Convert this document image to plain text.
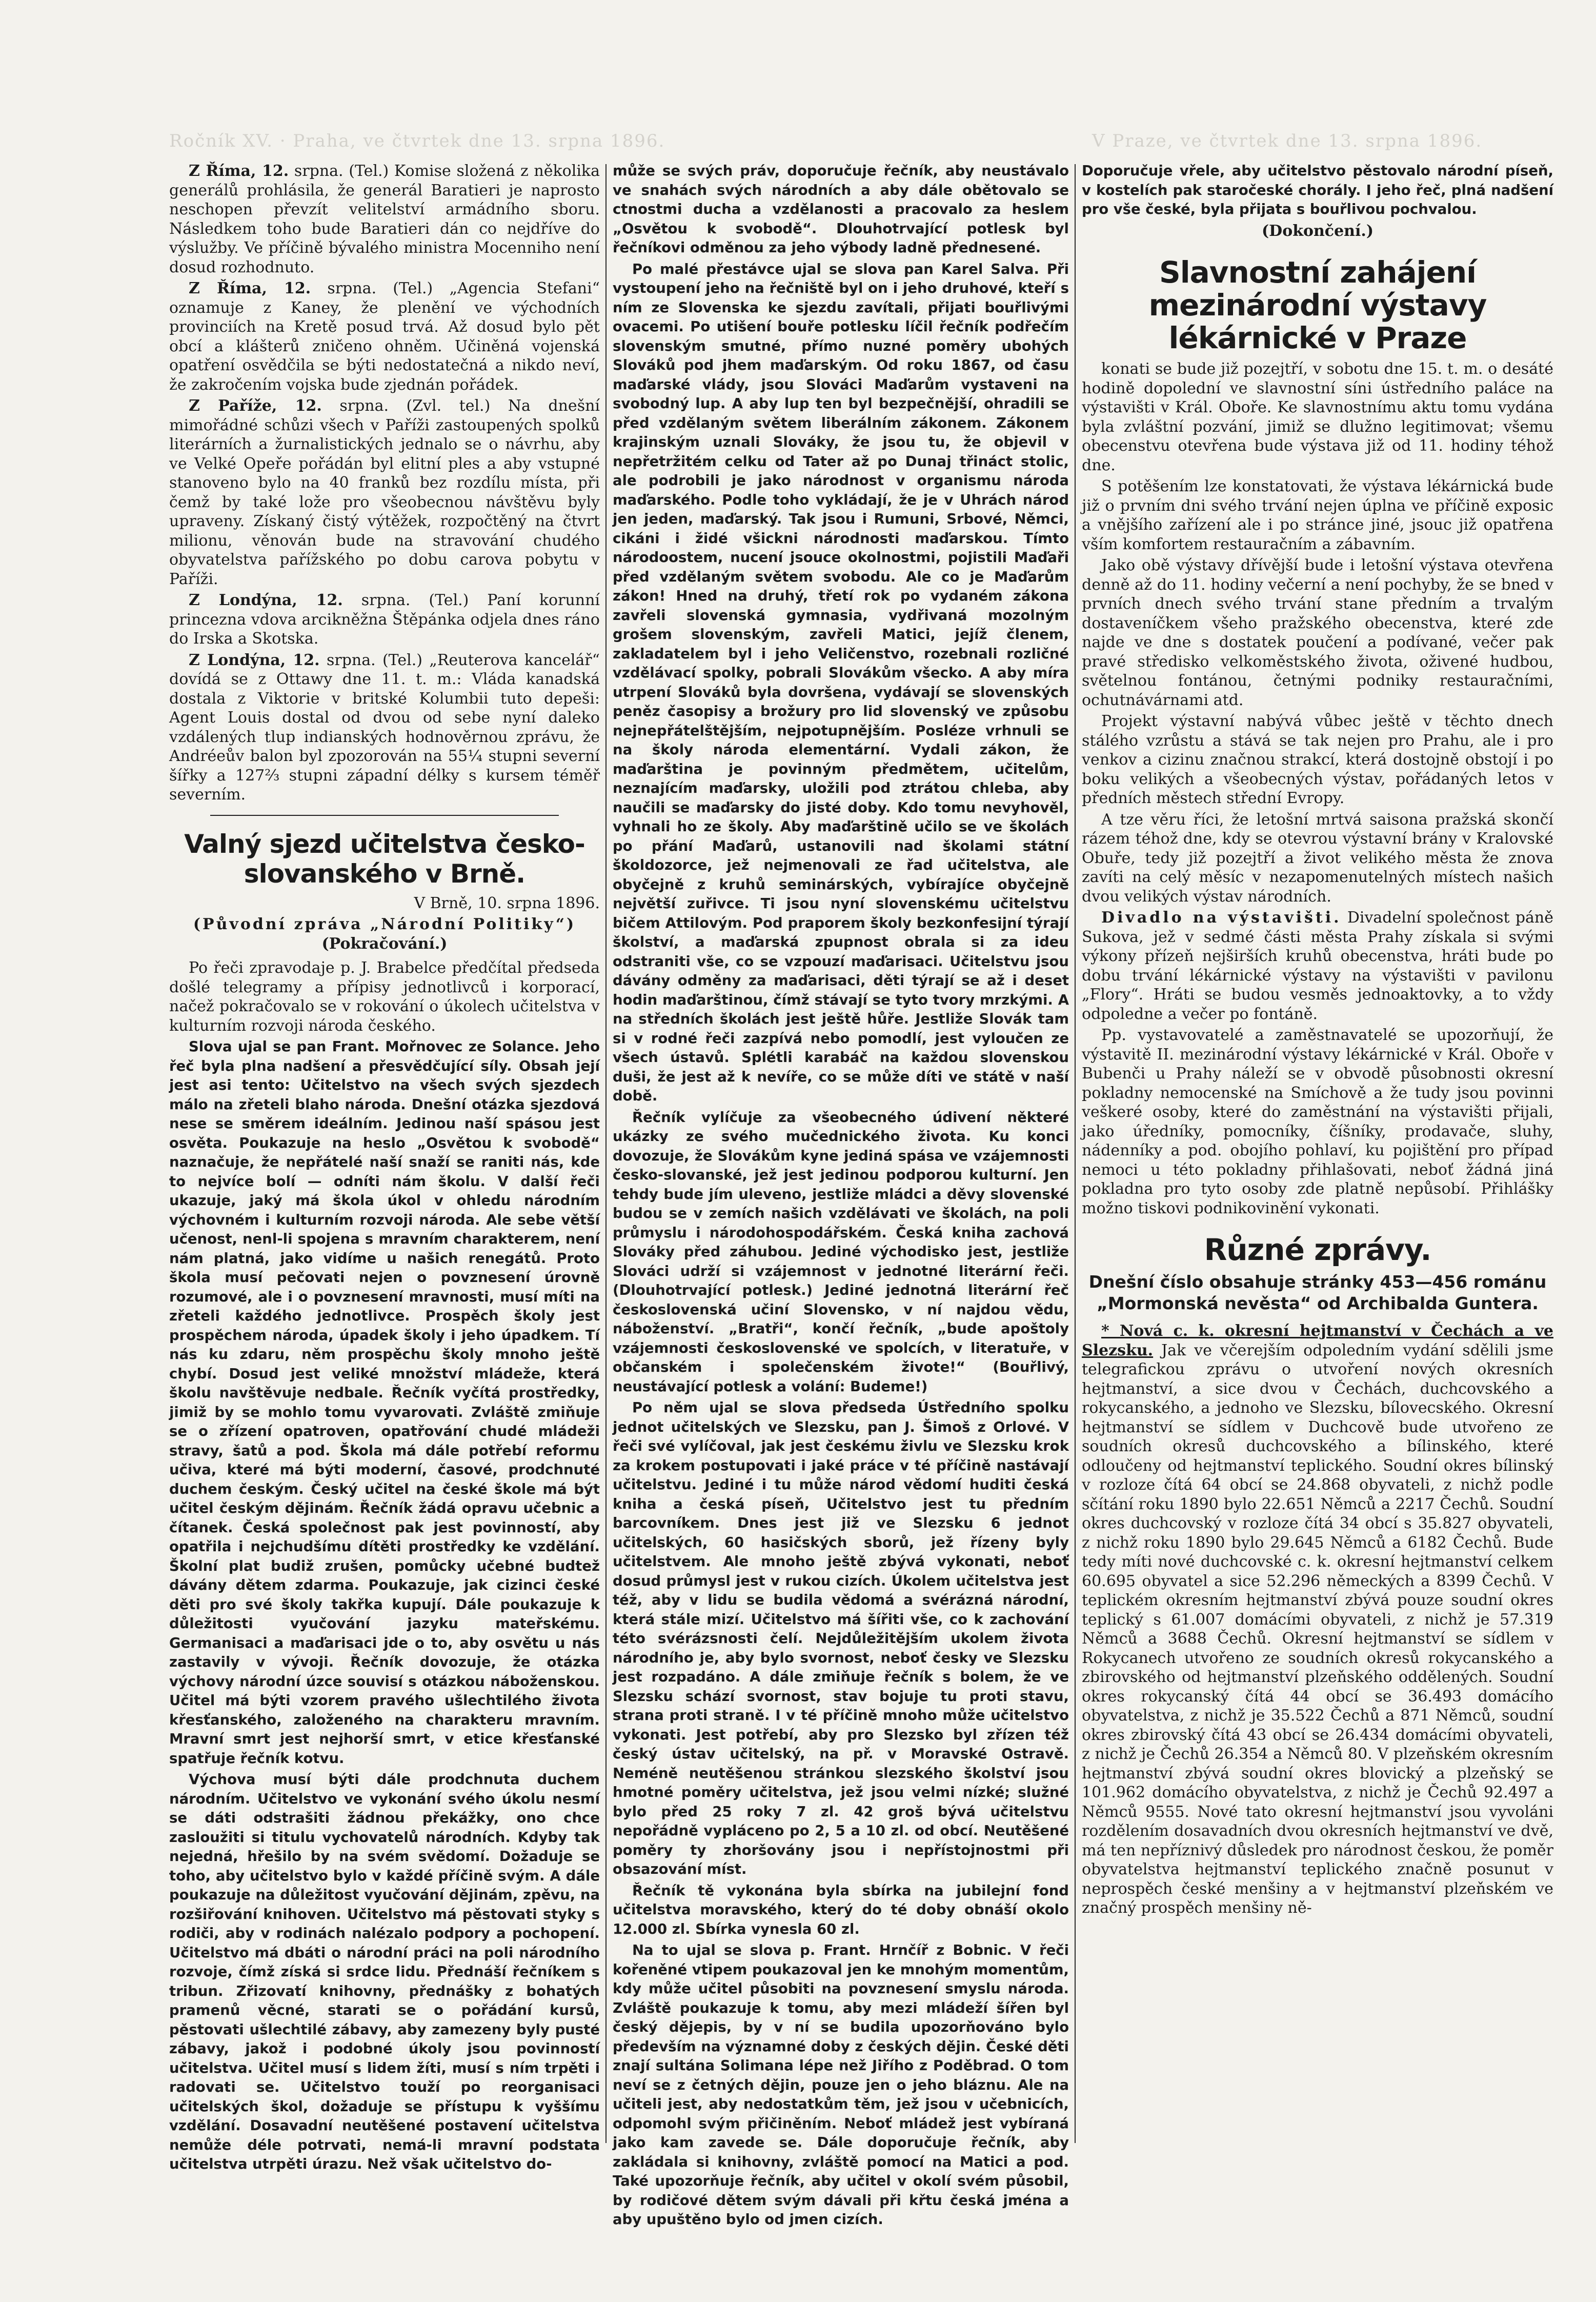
Ročník XV. · Praha, ve čtvrtek dne 13. srpna 1896.	V Praze, ve čtvrtek dne 13. srpna 1896.

Z Říma, 12. srpna. (Tel.) Komise složená z několika generálů prohlásila, že generál Baratieri je naprosto neschopen převzít velitelství armádního sboru. Následkem toho bude Baratieri dán co nejdříve do výslužby. Ve příčině bývalého ministra Mocenniho není dosud rozhodnuto.

Z Říma, 12. srpna. (Tel.) „Agencia Stefani“ oznamuje z Kaney, že plenění ve východních provinciích na Kretě posud trvá. Až dosud bylo pět obcí a klášterů zničeno ohněm. Učiněná vojenská opatření osvědčila se býti nedostatečná a nikdo neví, že zakročením vojska bude zjednán pořádek.

Z Paříže, 12. srpna. (Zvl. tel.) Na dnešní mimořádné schůzi všech v Paříži zastoupených spolků literárních a žurnalistických jednalo se o návrhu, aby ve Velké Opeře pořádán byl elitní ples a aby vstupné stanoveno bylo na 40 franků bez rozdílu místa, při čemž by také lože pro všeobecnou návštěvu byly upraveny. Získaný čistý výtěžek, rozpočtěný na čtvrt milionu, věnován bude na stravování chudého obyvatelstva pařížského po dobu carova pobytu v Paříži.

Z Londýna, 12. srpna. (Tel.) Paní korunní princezna vdova arcikněžna Štěpánka odjela dnes ráno do Irska a Skotska.

Z Londýna, 12. srpna. (Tel.) „Reuterova kancelář“ dovídá se z Ottawy dne 11. t. m.: Vláda kanadská dostala z Viktorie v britské Kolumbii tuto depeši: Agent Louis dostal od dvou od sebe nyní daleko vzdálených tlup indianských hodnověrnou zprávu, že Andréeův balon byl zpozorován na 55¼ stupni severní šířky a 127⅔ stupni západní délky s kursem téměř severním.

Valný sjezd učitelstva česko-slovanského v Brně.
V Brně, 10. srpna 1896.
(Původní zpráva „Národní Politiky“)
(Pokračování.)

Po řeči zpravodaje p. J. Brabelce předčítal předseda došlé telegramy a přípisy jednotlivců i korporací, načež pokračovalo se v rokování o úkolech učitelstva v kulturním rozvoji národa českého.

Slova ujal se pan Frant. Mořnovec ze Solance. Jeho řeč byla plna nadšení a přesvědčující síly. Obsah její jest asi tento: Učitelstvo na všech svých sjezdech málo na zřeteli blaho národa. Dnešní otázka sjezdová nese se směrem ideálním. Jedinou naší spásou jest osvěta. Poukazuje na heslo „Osvětou k svobodě“ naznačuje, že nepřátelé naší snaží se raniti nás, kde to nejvíce bolí — odníti nám školu. V další řeči ukazuje, jaký má škola úkol v ohledu národním výchovném i kulturním rozvoji národa. Ale sebe větší učenost, nenl-li spojena s mravním charakterem, není nám platná, jako vidíme u našich renegátů. Proto škola musí pečovati nejen o povznesení úrovně rozumové, ale i o povznesení mravnosti, musí míti na zřeteli každého jednotlivce. Prospěch školy jest prospěchem národa, úpadek školy i jeho úpadkem. Tí nás ku zdaru, něm prospěchu školy mnoho ještě chybí. Dosud jest veliké množství mládeže, která školu navštěvuje nedbale. Řečník vyčítá prostředky, jimiž by se mohlo tomu vyvarovati. Zvláště zmiňuje se o zřízení opatroven, opatřování chudé mládeži stravy, šatů a pod. Škola má dále potřebí reformu učiva, které má býti moderní, časové, prodchnuté duchem českým. Český učitel na české škole má být učitel českým dějinám. Řečník žádá opravu učebnic a čítanek. Česká společnost pak jest povinností, aby opatřila i nejchudšímu dítěti prostředky ke vzdělání. Školní plat budiž zrušen, pomůcky učebné budtež dávány dětem zdarma. Poukazuje, jak cizinci české děti pro své školy takřka kupují. Dále poukazuje k důležitosti vyučování jazyku mateřskému. Germanisaci a maďarisaci jde o to, aby osvětu u nás zastavily v vývoji. Řečník dovozuje, že otázka výchovy národní úzce souvisí s otázkou náboženskou. Učitel má býti vzorem pravého ušlechtilého života křesťanského, založeného na charakteru mravním. Mravní smrt jest nejhorší smrt, v etice křesťanské spatřuje řečník kotvu.

Výchova musí býti dále prodchnuta duchem národním. Učitelstvo ve vykonání svého úkolu nesmí se dáti odstrašiti žádnou překážky, ono chce zasloužiti si titulu vychovatelů národních. Kdyby tak nejedná, hřešilo by na svém svědomí. Dožaduje se toho, aby učitelstvo bylo v každé příčině svým. A dále poukazuje na důležitost vyučování dějinám, zpěvu, na rozšiřování knihoven. Učitelstvo má pěstovati styky s rodiči, aby v rodinách nalézalo podpory a pochopení. Učitelstvo má dbáti o národní práci na poli národního rozvoje, čímž získá si srdce lidu. Přednáší řečníkem s tribun. Zřizovatí knihovny, přednášky z bohatých pramenů věcné, starati se o pořádání kursů, pěstovati ušlechtilé zábavy, aby zamezeny byly pusté zábavy, jakož i podobné úkoly jsou povinností učitelstva. Učitel musí s lidem žíti, musí s ním trpěti i radovati se. Učitelstvo touží po reorganisaci učitelských škol, dožaduje se přístupu k vyššímu vzdělání. Dosavadní neutěšené postavení učitelstva nemůže déle potrvati, nemá-li mravní podstata učitelstva utrpěti úrazu. Než však učitelstvo do-

může se svých práv, doporučuje řečník, aby neustávalo ve snahách svých národních a aby dále obětovalo se ctnostmi ducha a vzdělanosti a pracovalo za heslem „Osvětou k svobodě“. Dlouhotrvající potlesk byl řečníkovi odměnou za jeho výbody ladně přednesené.

Po malé přestávce ujal se slova pan Karel Salva. Při vystoupení jeho na řečniště byl on i jeho druhové, kteří s ním ze Slovenska ke sjezdu zavítali, přijati bouřlivými ovacemi. Po utišení bouře potlesku líčil řečník podřečím slovenským smutné, přímo nuzné poměry ubohých Slováků pod jhem maďarským. Od roku 1867, od času maďarské vlády, jsou Slováci Maďarům vystaveni na svobodný lup. A aby lup ten byl bezpečnější, ohradili se před vzdělaným světem liberálním zákonem. Zákonem krajinským uznali Slováky, že jsou tu, že objevil v nepřetržitém celku od Tater až po Dunaj třináct stolic, ale podrobili je jako národnost v organismu národa maďarského. Podle toho vykládají, že je v Uhrách národ jen jeden, maďarský. Tak jsou i Rumuni, Srbové, Němci, cikáni i židé všickni národnosti maďarskou. Tímto národoostem, nucení jsouce okolnostmi, pojistili Maďaři před vzdělaným světem svobodu. Ale co je Maďarům zákon! Hned na druhý, třetí rok po vydaném zákona zavřeli slovenská gymnasia, vydřivaná mozolným grošem slovenským, zavřeli Matici, jejíž členem, zakladatelem byl i jeho Veličenstvo, rozebnali rozličné vzdělávací spolky, pobrali Slovákům všecko. A aby míra utrpení Slováků byla dovršena, vydávají se slovenských peněz časopisy a brožury pro lid slovenský ve způsobu nejnepřátelštějším, nejpotupnějším. Posléze vrhnuli se na školy národa elementární. Vydali zákon, že maďarština je povinným předmětem, učitelům, neznajícím maďarsky, uložili pod ztrátou chleba, aby naučili se maďarsky do jisté doby. Kdo tomu nevyhověl, vyhnali ho ze školy. Aby maďarštině učilo se ve školách po přání Maďarů, ustanovili nad školami státní školdozorce, jež nejmenovali ze řad učitelstva, ale obyčejně z kruhů seminárských, vybírajíce obyčejně největší zuřivce. Ti jsou nyní slovenskému učitelstvu bičem Attilovým. Pod praporem školy bezkonfesijní týrají školství, a maďarská zpupnost obrala si za ideu odstraniti vše, co se vzpouzí maďarisaci. Učitelstvu jsou dávány odměny za maďarisaci, děti týrají se až i deset hodin maďarštinou, čímž stávají se tyto tvory mrzkými. A na středních školách jest ještě hůře. Jestliže Slovák tam si v rodné řeči zazpívá nebo pomodlí, jest vyloučen ze všech ústavů. Splétli karabáč na každou slovenskou duši, že jest až k nevíře, co se může díti ve státě v naší době.

Řečník vylíčuje za všeobecného údivení některé ukázky ze svého mučednického života. Ku konci dovozuje, že Slovákům kyne jediná spása ve vzájemnosti česko-slovanské, jež jest jedinou podporou kulturní. Jen tehdy bude jím ulevenο, jestliže mládci a děvy slovenské budou se v zemích našich vzdělávati ve školách, na poli průmyslu i národohospodářském. Česká kniha zachová Slováky před záhubou. Jediné východisko jest, jestliže Slováci udrží si vzájemnost v jednotné literární řeči. (Dlouhotrvající potlesk.) Jediné jednotná literární řeč československá učiní Slovensko, v ní najdou vědu, náboženství. „Bratři“, končí řečník, „bude apoštoly vzájemnosti československé ve spolcích, v literatuře, v občanském i společenském živote!“ (Bouřlivý, neustávající potlesk a volání: Budeme!)

Po něm ujal se slova předseda Ústředního spolku jednot učitelských ve Slezsku, pan J. Šimoš z Orlové. V řeči své vylíčoval, jak jest českému živlu ve Slezsku krok za krokem postupovati i jaké práce v té příčině nastávají učitelstvu. Jediné i tu může národ vědomí huditi česká kniha a česká píseň, Učitelstvo jest tu předním barcovníkem. Dnes jest již ve Slezsku 6 jednot učitelských, 60 hasičských sborů, jež řízeny byly učitelstvem. Ale mnoho ještě zbývá vykonati, neboť dosud průmysl jest v rukou cizích. Úkolem učitelstva jest též, aby v lidu se budila vědomá a svérázná národní, která stále mizí. Učitelstvo má šířiti vše, co k zachování této svérázsnosti čelí. Nejdůležitějším ukolem života národního je, aby bylo svornost, neboť česky ve Slezsku jest rozpadáno. A dále zmiňuje řečník s bolem, že ve Slezsku schází svornost, stav bojuje tu proti stavu, strana proti straně. I v té příčině mnoho může učitelstvo vykonati. Jest potřebí, aby pro Slezsko byl zřízen též český ústav učitelský, na př. v Moravské Ostravě. Neméně neutěšenou stránkou slezského školství jsou hmotné poměry učitelstva, jež jsou velmi nízké; služné bylo před 25 roky 7 zl. 42 groš bývá učitelstvu nepořádně vypláceno po 2, 5 a 10 zl. od obcí. Neutěšené poměry ty zhoršovány jsou i nepřístojnostmi při obsazování míst.

Řečník tě vykonána byla sbírka na jubilejní fond učitelstva moravského, který do té doby obnáší okolo 12.000 zl. Sbírka vynesla 60 zl.

Na to ujal se slova p. Frant. Hrnčíř z Bobnic. V řeči kořeněné vtipem poukazoval jen ke mnohým momentům, kdy může učitel působiti na povznesení smyslu národa. Zvláště poukazuje k tomu, aby mezi mládeží šířen byl český dějepis, by v ní se budila upozorňováno bylo především na významné doby z českých dějin. České děti znají sultána Solimana lépe než Jiřího z Poděbrad. O tom neví se z četných dějin, pouze jen o jeho bláznu. Ale na učiteli jest, aby nedostatkům těm, jež jsou v učebnicích, odpomohl svým přičiněním. Neboť mládež jest vybíraná jako kam zavede se. Dále doporučuje řečník, aby zakládala si knihovny, zvláště pomocí na Matici a pod. Také upozorňuje řečník, aby učitel v okolí svém působil, by rodičové dětem svým dávali při křtu česká jména a aby upuštěno bylo od jmen cizích.

Doporučuje vřele, aby učitelstvo pěstovalo národní píseň, v kostelích pak staročeské chorály. I jeho řeč, plná nadšení pro vše české, byla přijata s bouřlivou pochvalou.

(Dokončení.)

Slavnostní zahájení mezinárodní výstavy lékárnické v Praze

konati se bude již pozejtří, v sobotu dne 15. t. m. o desáté hodině dopolední ve slavnostní síni ústředního paláce na výstavišti v Král. Oboře. Ke slavnostnímu aktu tomu vydána byla zvláštní pozvání, jimiž se dlužno legitimovat; všemu obecenstvu otevřena bude výstava již od 11. hodiny téhož dne.

S potěšením lze konstatovati, že výstava lékárnická bude již o prvním dni svého trvání nejen úplna ve příčině exposic a vnějšího zařízení ale i po stránce jiné, jsouc již opatřena vším komfortem restauračním a zábavním.

Jako obě výstavy dřívější bude i letošní výstava otevřena denně až do 11. hodiny večerní a není pochyby, že se bned v prvních dnech svého trvání stane předním a trvalým dostaveníčkem všeho pražského obecenstva, které zde najde ve dne s dostatek poučení a podívané, večer pak pravé středisko velkoměstského života, oživené hudbou, světelnou fontánou, četnými podniky restauračními, ochutnávárnami atd.

Projekt výstavní nabývá vůbec ještě v těchto dnech stálého vzrůstu a stává se tak nejen pro Prahu, ale i pro venkov a cizinu značnou strakcí, která dostojně obstojí i po boku velikých a všeobecných výstav, pořádaných letos v předních městech střední Evropy.

A tze věru říci, že letošní mrtvá saisona pražská skončí rázem téhož dne, kdy se otevrou výstavní brány v Kralovské Obuře, tedy již pozejtří a život velikého města že znova zavíti na celý měsíc v nezapomenutelných místech našich dvou velikých výstav národních.

Divadlo na výstavišti. Divadelní společnost páně Sukova, jež v sedmé části města Prahy získala si svými výkony přízeň nejširších kruhů obecenstva, hráti bude po dobu trvání lékárnické výstavy na výstavišti v pavilonu „Flory“. Hráti se budou vesměs jednoaktovky, a to vždy odpoledne a večer po fontáně.

Pp. vystavovatelé a zaměstnavatelé se upozorňují, že výstavitě II. mezinárodní výstavy lékárnické v Král. Oboře v Bubenči u Prahy náleží se v obvodě působnosti okresní pokladny nemocenské na Smíchově a že tudy jsou povinni veškeré osoby, které do zaměstnání na výstavišti přijali, jako úředníky, pomocníky, číšníky, prodavače, sluhy, nádenníky a pod. obojího pohlaví, ku pojištění pro případ nemoci u této pokladny přihlašovati, neboť žádná jiná pokladna pro tyto osoby zde platně nepůsobí. Přihlášky možno tiskovi podnikovinění vykonati.

Různé zprávy.

Dnešní číslo obsahuje stránky 453—456 románu „Mormonská nevěsta“ od Archibalda Guntera.

* Nová c. k. okresní hejtmanství v Čechách a ve Slezsku. Jak ve včerejším odpoledním vydání sdělili jsme telegrafickou zprávu o utvoření nových okresních hejtmanství, a sice dvou v Čechách, duchcovského a rokycanského, a jednoho ve Slezsku, bílovecského. Okresní hejtmanství se sídlem v Duchcově bude utvořeno ze soudních okresů duchcovského a bílinského, které odloučeny od hejtmanství teplického. Soudní okres bílinský v rozloze čítá 64 obcí se 24.868 obyvateli, z nichž podle sčítání roku 1890 bylo 22.651 Němců a 2217 Čechů. Soudní okres duchcovský v rozloze čítá 34 obcí s 35.827 obyvateli, z nichž roku 1890 bylo 29.645 Němců a 6182 Čechů. Bude tedy míti nové duchcovské c. k. okresní hejtmanství celkem 60.695 obyvatel a sice 52.296 německých a 8399 Čechů. V teplickém okresním hejtmanství zbývá pouze soudní okres teplický s 61.007 domácími obyvateli, z nichž je 57.319 Němců a 3688 Čechů. Okresní hejtmanství se sídlem v Rokycanech utvořeno ze soudních okresů rokycanského a zbirovského od hejtmanství plzeňského oddělených. Soudní okres rokycanský čítá 44 obcí se 36.493 domácího obyvatelstva, z nichž je 35.522 Čechů a 871 Němců, soudní okres zbirovský čítá 43 obcí se 26.434 domácími obyvateli, z nichž je Čechů 26.354 a Němců 80. V plzeňském okresním hejtmanství zbývá soudní okres blovický a plzeňský se 101.962 domácího obyvatelstva, z nichž je Čechů 92.497 a Němců 9555. Nové tato okresní hejtmanství jsou vyvoláni rozdělením dosavadních dvou okresních hejtmanství ve dvě, má ten nepříznivý důsledek pro národnost českou, že poměr obyvatelstva hejtmanství teplického značně posunut v neprospěch české menšiny a v hejtmanství plzeňském ve značný prospěch menšiny ně-
